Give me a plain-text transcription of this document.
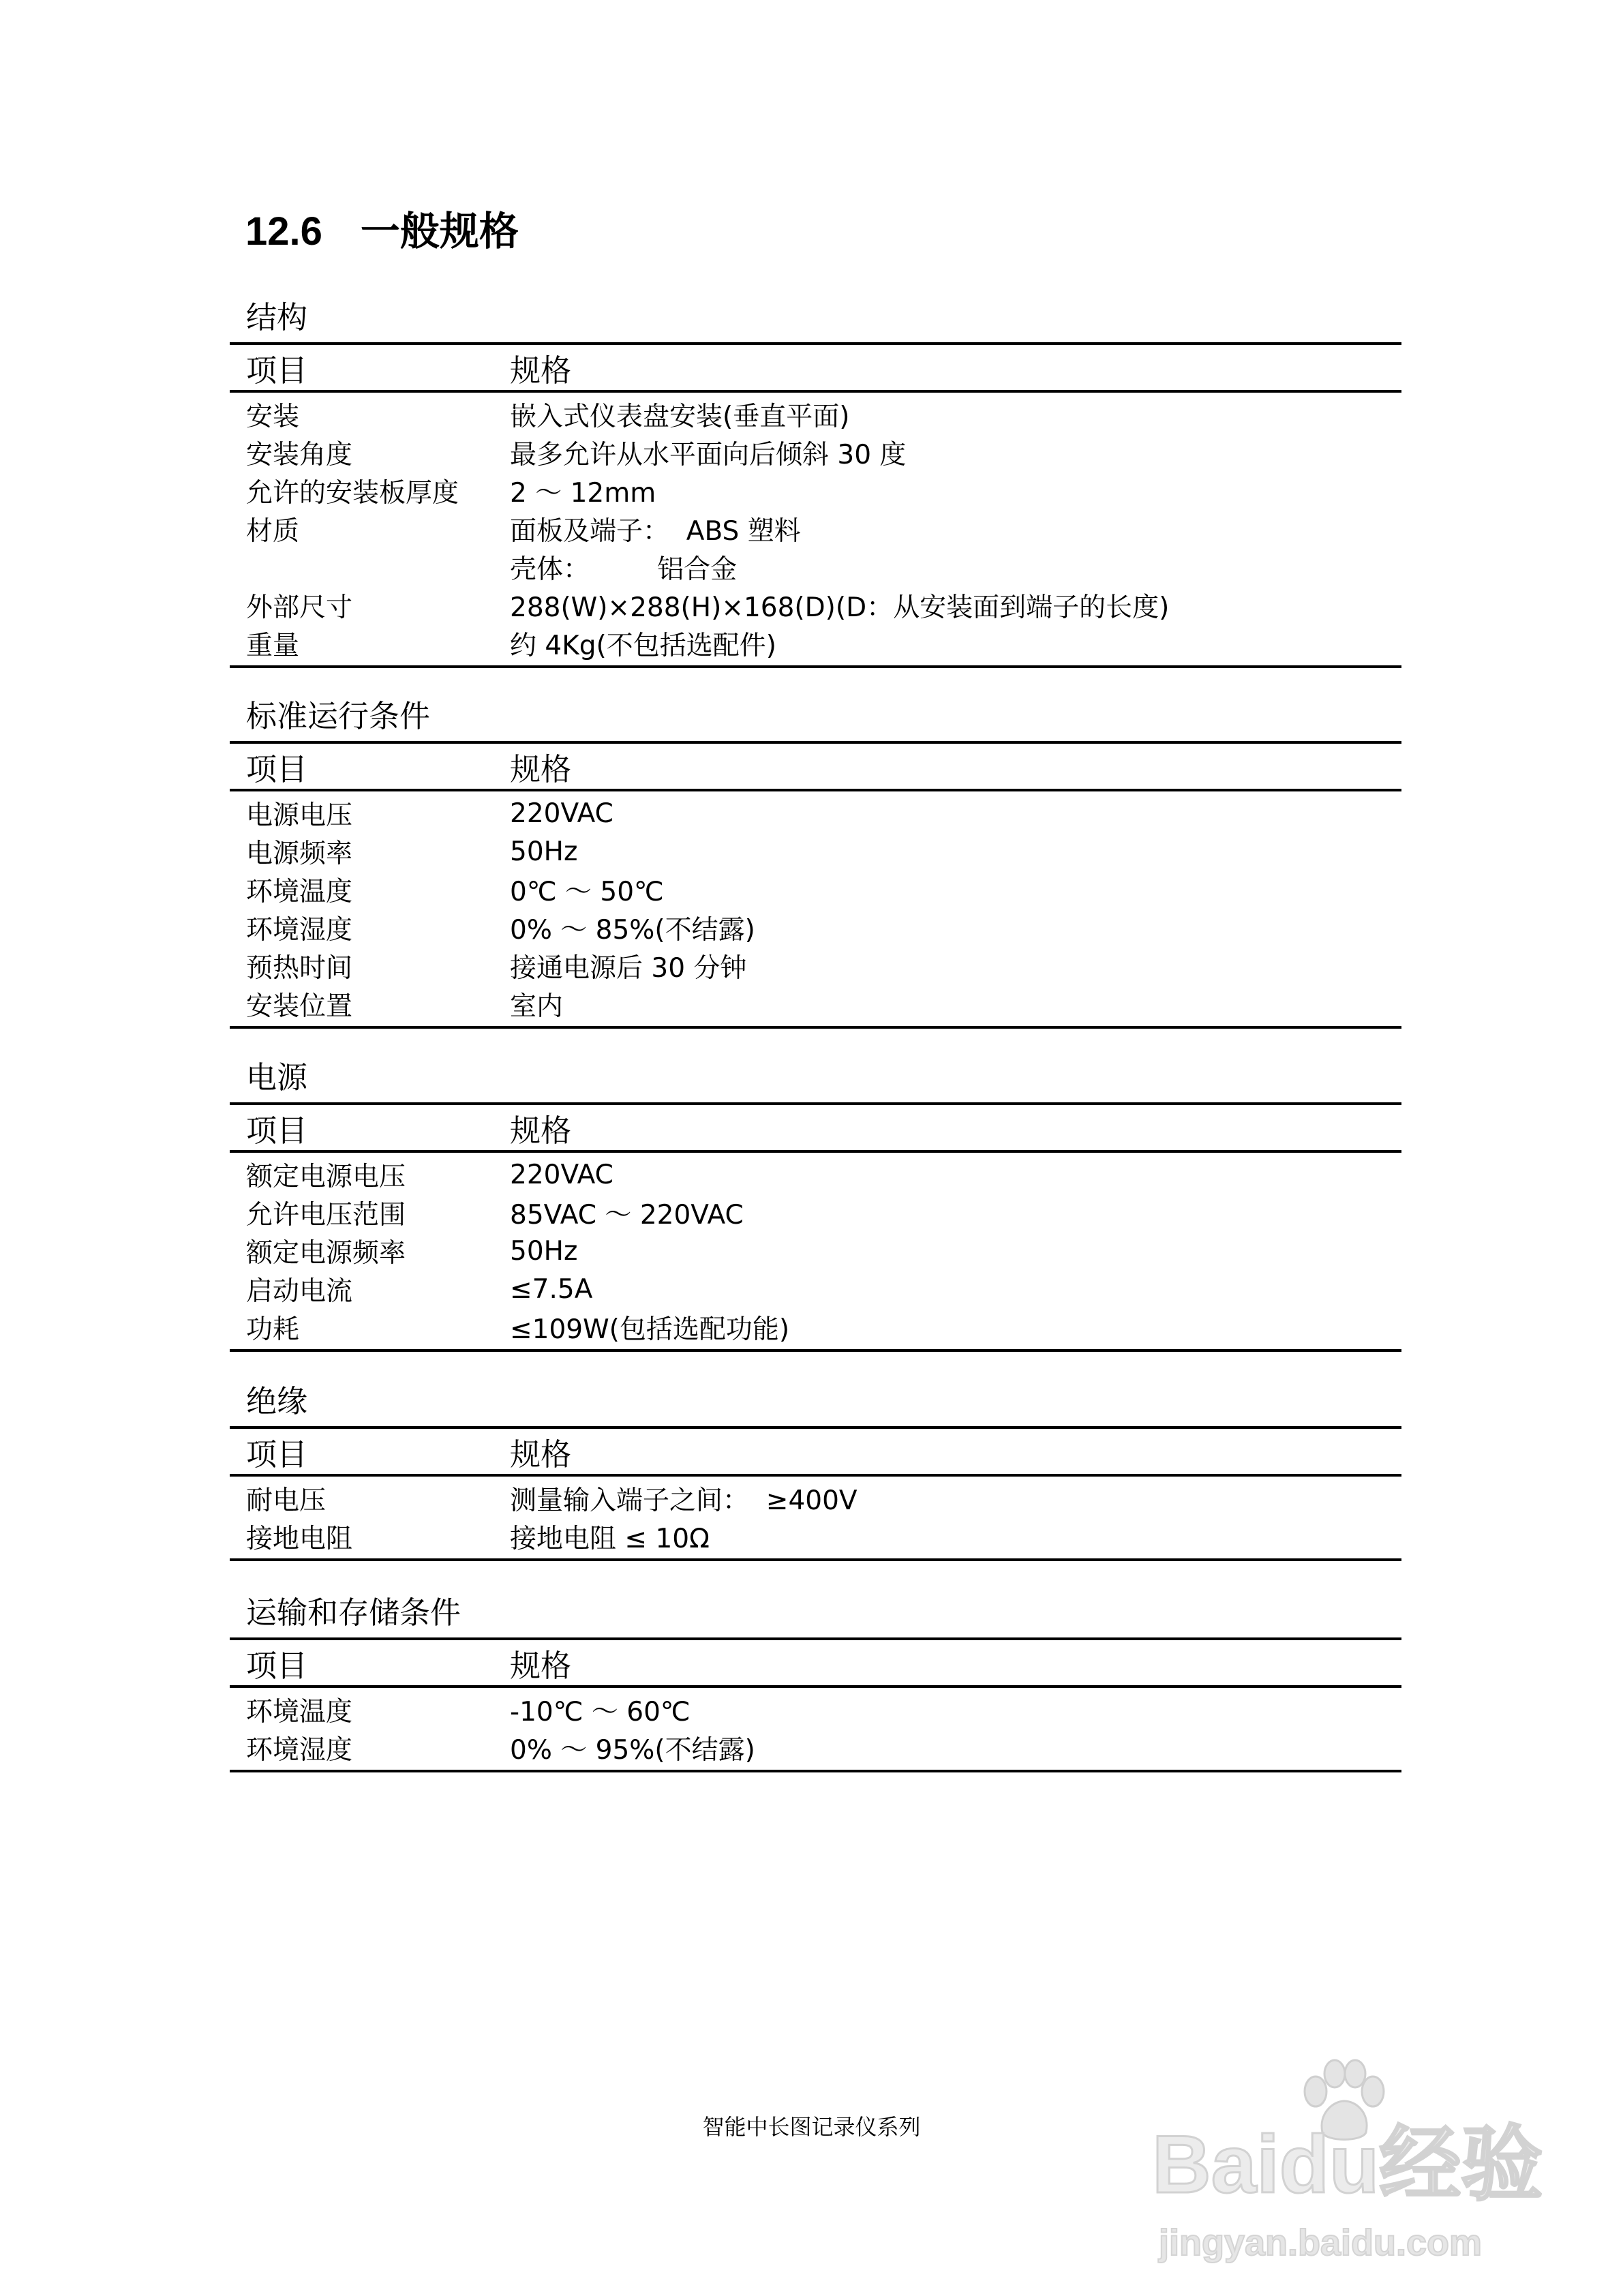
12.6 一般规格
结构
项目	规格
安装	嵌入式仪表盘安装(垂直平面)
安装角度	最多允许从水平面向后倾斜 30 度
允许的安装板厚度	2 ～ 12mm
材质	面板及端子：  ABS 塑料
	壳体：        铝合金
外部尺寸	288(W)×288(H)×168(D)(D：从安装面到端子的长度)
重量	约 4Kg(不包括选配件)
标准运行条件
项目	规格
电源电压	220VAC
电源频率	50Hz
环境温度	0℃ ～ 50℃
环境湿度	0% ～ 85%(不结露)
预热时间	接通电源后 30 分钟
安装位置	室内
电源
项目	规格
额定电源电压	220VAC
允许电压范围	85VAC ～ 220VAC
额定电源频率	50Hz
启动电流	≤7.5A
功耗	≤109W(包括选配功能)
绝缘
项目	规格
耐电压	测量输入端子之间：  ≥400V
接地电阻	接地电阻 ≤ 10Ω
运输和存储条件
项目	规格
环境温度	-10℃ ～ 60℃
环境湿度	0% ～ 95%(不结露)
智能中长图记录仪系列	Baidu经验
jingyan.baidu.com
